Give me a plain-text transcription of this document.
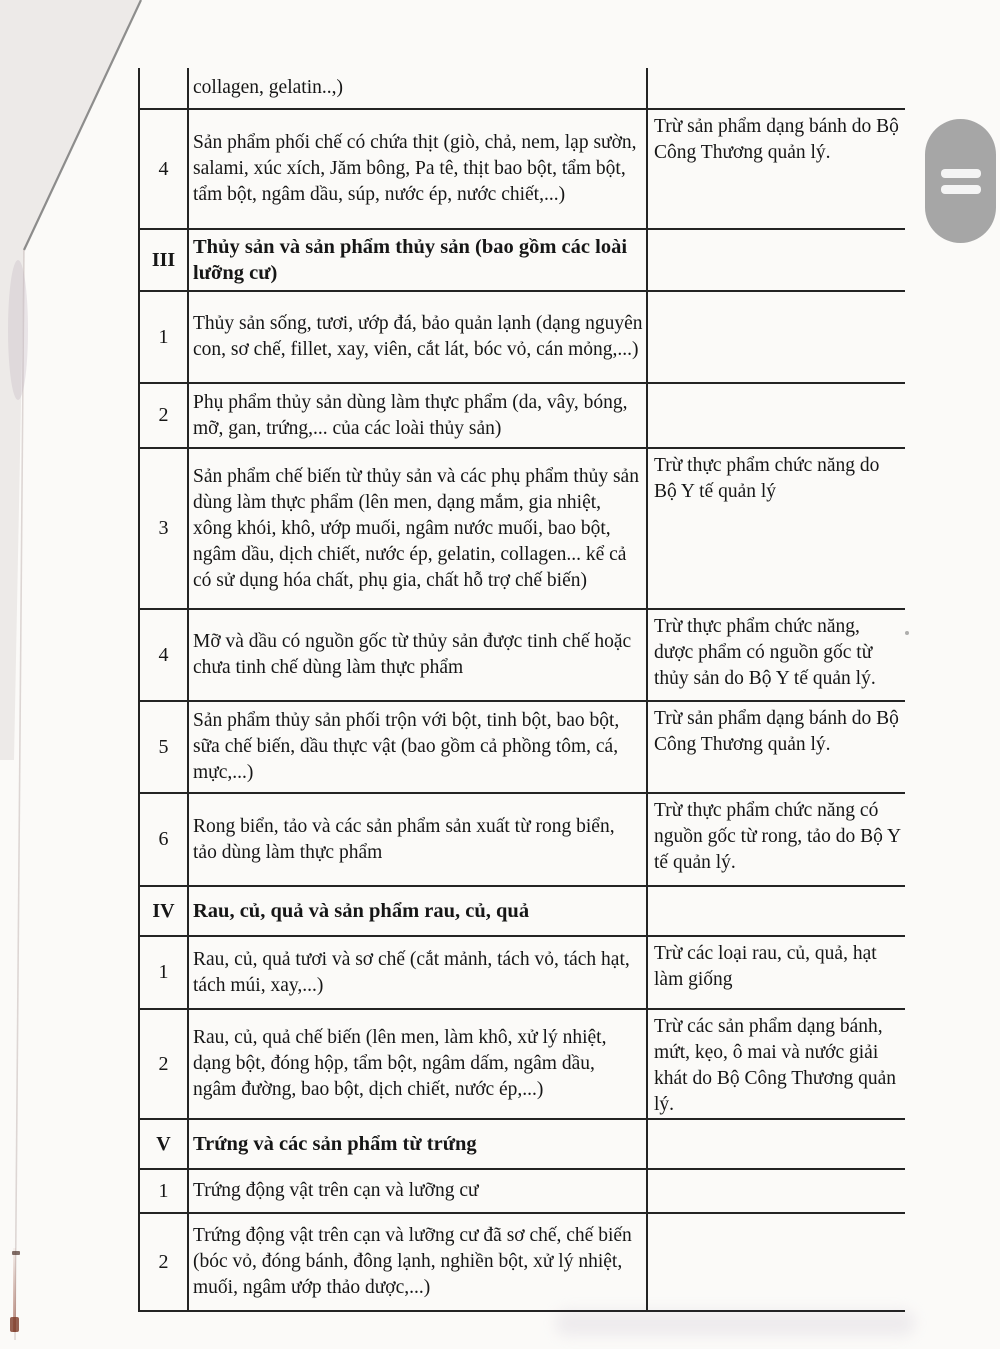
collagen, gelatin..,)
4
Sản phẩm phối chế có chứa thịt (giò, chả, nem, lạp sườn, salami, xúc xích, Jăm bông, Pa tê, thịt bao bột, tẩm bột, tẩm bột, ngâm dầu, súp, nước ép, nước chiết,...)
Trừ sản phẩm dạng bánh do Bộ Công Thương quản lý.
III
Thủy sản và sản phẩm thủy sản (bao gồm các loài lưỡng cư)
1
Thủy sản sống, tươi, ướp đá, bảo quản lạnh (dạng nguyên con, sơ chế, fillet, xay, viên, cắt lát, bóc vỏ, cán mỏng,...)
2
Phụ phẩm thủy sản dùng làm thực phẩm (da, vây, bóng, mỡ, gan, trứng,... của các loài thủy sản)
3
Sản phẩm chế biến từ thủy sản và các phụ phẩm thủy sản dùng làm thực phẩm (lên men, dạng mắm, gia nhiệt, xông khói, khô, ướp muối, ngâm nước muối, bao bột, ngâm dầu, dịch chiết, nước ép, gelatin, collagen... kể cả có sử dụng hóa chất, phụ gia, chất hỗ trợ chế biến)
Trừ thực phẩm chức năng do Bộ Y tế quản lý
4
Mỡ và dầu có nguồn gốc từ thủy sản được tinh chế hoặc chưa tinh chế dùng làm thực phẩm
Trừ thực phẩm chức năng, dược phẩm có nguồn gốc từ thủy sản do Bộ Y tế quản lý.
5
Sản phẩm thủy sản phối trộn với bột, tinh bột, bao bột, sữa chế biến, dầu thực vật (bao gồm cả phồng tôm, cá, mực,...)
Trừ sản phẩm dạng bánh do Bộ Công Thương quản lý.
6
Rong biển, tảo và các sản phẩm sản xuất từ rong biển, tảo dùng làm thực phẩm
Trừ thực phẩm chức năng có nguồn gốc từ rong, tảo do Bộ Y tế quản lý.
IV Rau, củ, quả và sản phẩm rau, củ, quả
1
Rau, củ, quả tươi và sơ chế (cắt mảnh, tách vỏ, tách hạt, tách múi, xay,...)
Trừ các loại rau, củ, quả, hạt làm giống
2
Rau, củ, quả chế biến (lên men, làm khô, xử lý nhiệt, dạng bột, đóng hộp, tẩm bột, ngâm dấm, ngâm dầu, ngâm đường, bao bột, dịch chiết, nước ép,...)
Trừ các sản phẩm dạng bánh, mứt, kẹo, ô mai và nước giải khát do Bộ Công Thương quản lý.
V	Trứng và các sản phẩm từ trứng
1	Trứng động vật trên cạn và lưỡng cư
2
Trứng động vật trên cạn và lưỡng cư đã sơ chế, chế biến (bóc vỏ, đóng bánh, đông lạnh, nghiền bột, xử lý nhiệt, muối, ngâm ướp thảo dược,...)
